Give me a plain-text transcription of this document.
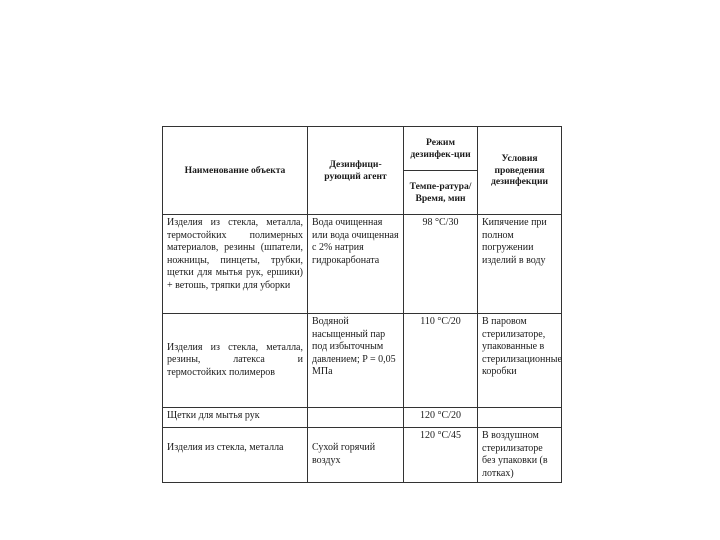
Наименование объекта	Дезинфици-рующий агент	Режим дезинфек-ции	Условия проведения дезинфекции
		Темпе-ратура/ Время, мин	
Изделия из стекла, металла, термостойких полимерных материалов, резины (шпатели, ножницы, пинцеты, трубки, щетки для мытья рук, ершики) + ветошь, тряпки для уборки	Вода очищенная или вода очищенная с 2% натрия гидрокарбоната	98 °C/30	Кипячение при полном погружении изделий в воду
Изделия из стекла, металла, резины, латекса и термостойких полимеров	Водяной насыщенный пар под избыточным давлением; P = 0,05 МПа	110 °C/20	В паровом стерилизаторе, упакованные в стерилизационные коробки
Щетки для мытья рук		120 °C/20	
Изделия из стекла, металла	Сухой горячий воздух	120 °C/45	В воздушном стерилизаторе без упаковки (в лотках)
